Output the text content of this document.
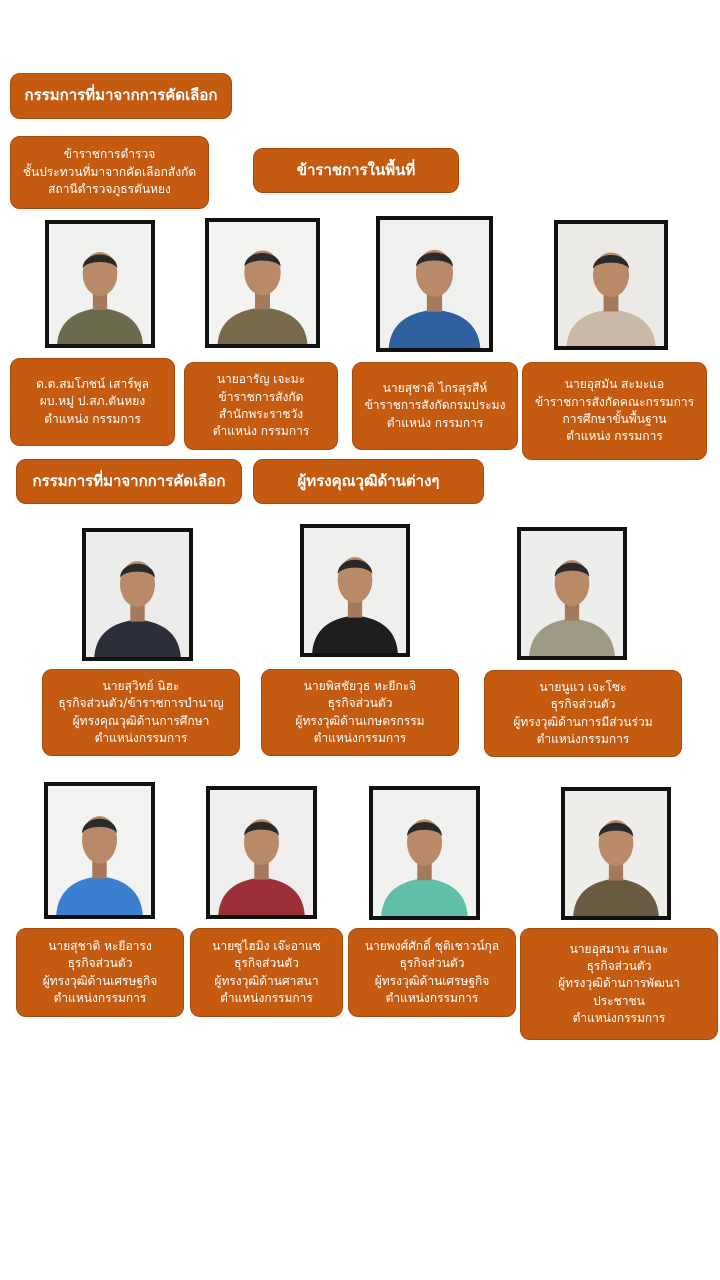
กรรมการที่มาจากการคัดเลือก
ข้าราชการตำรวจ
ชั้นประทวนที่มาจากคัดเลือกสังกัด
สถานีตำรวจภูธรตันหยง
ข้าราชการในพื้นที่
กรรมการที่มาจากการคัดเลือก	ผู้ทรงคุณวุฒิด้านต่างๆ
ด.ต.สมโภชน์ เสาร์พูล
ผบ.หมู่ ป.สภ.ตันหยง
ตำแหน่ง กรรมการ
นายอารัญ เจะมะ
ข้าราชการสังกัด
สำนักพระราชวัง
ตำแหน่ง กรรมการ
นายสุชาติ ไกรสุรสีห์
ข้าราชการสังกัดกรมประมง
ตำแหน่ง กรรมการ
นายอุสมัน สะมะแอ
ข้าราชการสังกัดคณะกรรมการ
การศึกษาขั้นพื้นฐาน
ตำแหน่ง กรรมการ
นายสุวิทย์ นิฮะ
ธุรกิจส่วนตัว/ข้าราชการบำนาญ
ผู้ทรงคุณวุฒิด้านการศึกษา
ตำแหน่งกรรมการ
นายพิสชัยวุธ หะยีกะจิ
ธุรกิจส่วนตัว
ผู้ทรงวุฒิด้านเกษตรกรรม
ตำแหน่งกรรมการ
นายนูแว เจะโซะ
ธุรกิจส่วนตัว
ผู้ทรงวุฒิด้านการมีส่วนร่วม
ตำแหน่งกรรมการ
นายสุชาติ หะยีอารง
ธุรกิจส่วนตัว
ผู้ทรงวุฒิด้านเศรษฐกิจ
ตำแหน่งกรรมการ
นายซูไฮมิง เจ๊ะอาแซ
ธุรกิจส่วนตัว
ผู้ทรงวุฒิด้านศาสนา
ตำแหน่งกรรมการ
นายพงศ์ศักดิ์ ชุติเชาวน์กุล
ธุรกิจส่วนตัว
ผู้ทรงวุฒิด้านเศรษฐกิจ
ตำแหน่งกรรมการ
นายอุสมาน สาและ
ธุรกิจส่วนตัว
ผู้ทรงวุฒิด้านการพัฒนา
ประชาชน
ตำแหน่งกรรมการ
